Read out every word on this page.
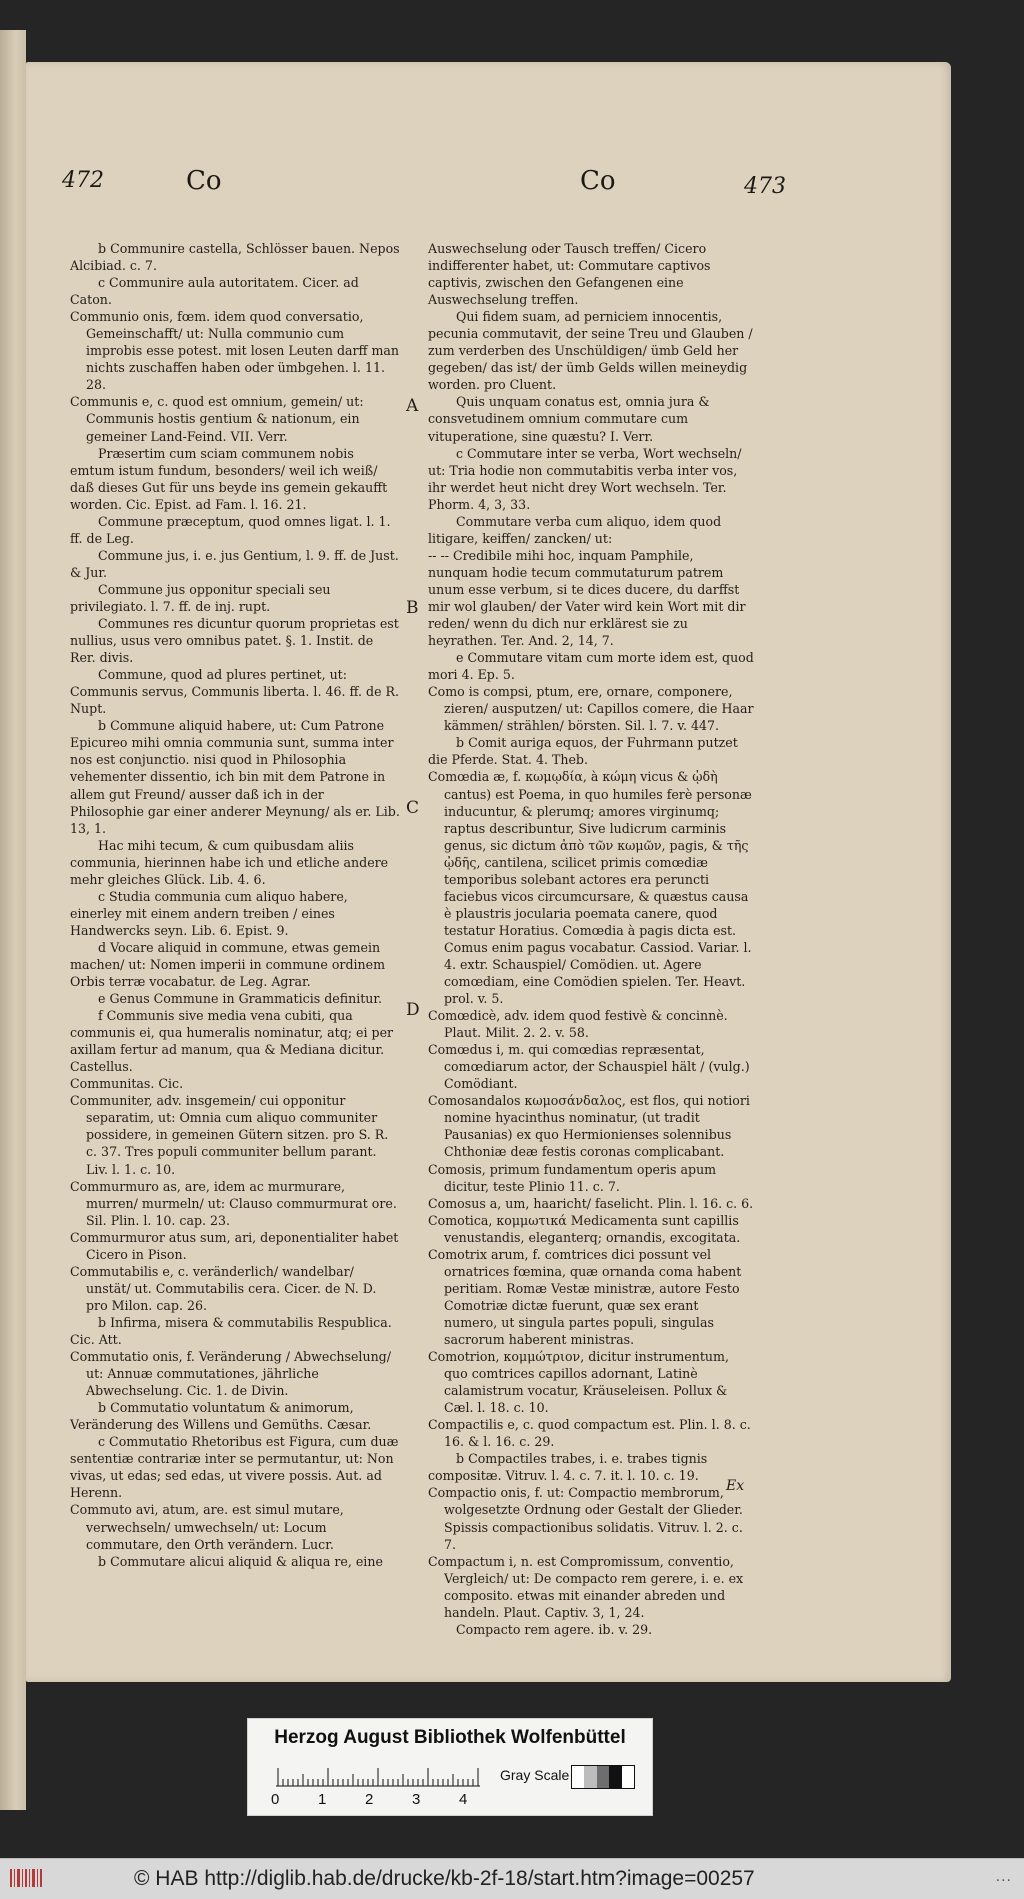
472	Co	Co	473
A
B
C
D
Ex

b Communire castella, Schlösser bauen. Nepos Alcibiad. c. 7.

c Communire aula autoritatem. Cicer. ad Caton.

Communio onis, fœm. idem quod conversatio, Gemeinschafft/ ut: Nulla communio cum improbis esse potest. mit losen Leuten darff man nichts zuschaffen haben oder ümbgehen. l. 11. 28.

Communis e, c. quod est omnium, gemein/ ut: Communis hostis gentium & nationum, ein gemeiner Land-Feind. VII. Verr.

Præsertim cum sciam communem nobis emtum istum fundum, besonders/ weil ich weiß/ daß dieses Gut für uns beyde ins gemein gekaufft worden. Cic. Epist. ad Fam. l. 16. 21.

Commune præceptum, quod omnes ligat. l. 1. ff. de Leg.

Commune jus, i. e. jus Gentium, l. 9. ff. de Just. & Jur.

Commune jus opponitur speciali seu privilegiato. l. 7. ff. de inj. rupt.

Communes res dicuntur quorum proprietas est nullius, usus vero omnibus patet. §. 1. Instit. de Rer. divis.

Commune, quod ad plures pertinet, ut: Communis servus, Communis liberta. l. 46. ff. de R. Nupt.

b Commune aliquid habere, ut: Cum Patrone Epicureo mihi omnia communia sunt, summa inter nos est conjunctio. nisi quod in Philosophia vehementer dissentio, ich bin mit dem Patrone in allem gut Freund/ ausser daß ich in der Philosophie gar einer anderer Meynung/ als er. Lib. 13, 1.

Hac mihi tecum, & cum quibusdam aliis communia, hierinnen habe ich und etliche andere mehr gleiches Glück. Lib. 4. 6.

c Studia communia cum aliquo habere, einerley mit einem andern treiben / eines Handwercks seyn. Lib. 6. Epist. 9.

d Vocare aliquid in commune, etwas gemein machen/ ut: Nomen imperii in commune ordinem Orbis terræ vocabatur. de Leg. Agrar.

e Genus Commune in Grammaticis definitur.

f Communis sive media vena cubiti, qua communis ei, qua humeralis nominatur, atq; ei per axillam fertur ad manum, qua & Mediana dicitur. Castellus.

Communitas. Cic.

Communiter, adv. insgemein/ cui opponitur separatim, ut: Omnia cum aliquo communiter possidere, in gemeinen Gütern sitzen. pro S. R. c. 37. Tres populi communiter bellum parant. Liv. l. 1. c. 10.

Commurmuro as, are, idem ac murmurare, murren/ murmeln/ ut: Clauso commurmurat ore. Sil. Plin. l. 10. cap. 23.

Commurmuror atus sum, ari, deponentialiter habet Cicero in Pison.

Commutabilis e, c. veränderlich/ wandelbar/ unstät/ ut. Commutabilis cera. Cicer. de N. D. pro Milon. cap. 26.

b Infirma, misera & commutabilis Respublica. Cic. Att.

Commutatio onis, f. Veränderung / Abwechselung/ ut: Annuæ commutationes, jährliche Abwechselung. Cic. 1. de Divin.

b Commutatio voluntatum & animorum, Veränderung des Willens und Gemüths. Cæsar.

c Commutatio Rhetoribus est Figura, cum duæ sententiæ contrariæ inter se permutantur, ut: Non vivas, ut edas; sed edas, ut vivere possis. Aut. ad Herenn.

Commuto avi, atum, are. est simul mutare, verwechseln/ umwechseln/ ut: Locum commutare, den Orth verändern. Lucr.

b Commutare alicui aliquid & aliqua re, eine

Auswechselung oder Tausch treffen/ Cicero indifferenter habet, ut: Commutare captivos captivis, zwischen den Gefangenen eine Auswechselung treffen.

Qui fidem suam, ad perniciem innocentis, pecunia commutavit, der seine Treu und Glauben / zum verderben des Unschüldigen/ ümb Geld her gegeben/ das ist/ der ümb Gelds willen meineydig worden. pro Cluent.

Quis unquam conatus est, omnia jura & consvetudinem omnium commutare cum vituperatione, sine quæstu? I. Verr.

c Commutare inter se verba, Wort wechseln/ ut: Tria hodie non commutabitis verba inter vos, ihr werdet heut nicht drey Wort wechseln. Ter. Phorm. 4, 3, 33.

Commutare verba cum aliquo, idem quod litigare, keiffen/ zancken/ ut:

-- -- Credibile mihi hoc, inquam Pamphile, nunquam hodie tecum commutaturum patrem unum esse verbum, si te dices ducere, du darffst mir wol glauben/ der Vater wird kein Wort mit dir reden/ wenn du dich nur erklärest sie zu heyrathen. Ter. And. 2, 14, 7.

e Commutare vitam cum morte idem est, quod mori 4. Ep. 5.

Como is compsi, ptum, ere, ornare, componere, zieren/ ausputzen/ ut: Capillos comere, die Haar kämmen/ strählen/ börsten. Sil. l. 7. v. 447.

b Comit auriga equos, der Fuhrmann putzet die Pferde. Stat. 4. Theb.

Comœdia æ, f. κωμῳδία, à κώμη vicus & ᾠδὴ cantus) est Poema, in quo humiles ferè personæ inducuntur, & plerumq; amores virginumq; raptus describuntur, Sive ludicrum carminis genus, sic dictum ἀπὸ τῶν κωμῶν, pagis, & τῆς ᾠδῆς, cantilena, scilicet primis comœdiæ temporibus solebant actores era peruncti faciebus vicos circumcursare, & quæstus causa è plaustris jocularia poemata canere, quod testatur Horatius. Comœdia à pagis dicta est. Comus enim pagus vocabatur. Cassiod. Variar. l. 4. extr. Schauspiel/ Comödien. ut. Agere comœdiam, eine Comödien spielen. Ter. Heavt. prol. v. 5.

Comœdicè, adv. idem quod festivè & concinnè. Plaut. Milit. 2. 2. v. 58.

Comœdus i, m. qui comœdias repræsentat, comœdiarum actor, der Schauspiel hält / (vulg.) Comödiant.

Comosandalos κωμοσάνδαλος, est flos, qui notiori nomine hyacinthus nominatur, (ut tradit Pausanias) ex quo Hermionienses solennibus Chthoniæ deæ festis coronas complicabant.

Comosis, primum fundamentum operis apum dicitur, teste Plinio 11. c. 7.

Comosus a, um, haaricht/ faselicht. Plin. l. 16. c. 6.

Comotica, κομμωτικά Medicamenta sunt capillis venustandis, eleganterq; ornandis, excogitata.

Comotrix arum, f. comtrices dici possunt vel ornatrices fœmina, quæ ornanda coma habent peritiam. Romæ Vestæ ministræ, autore Festo Comotriæ dictæ fuerunt, quæ sex erant numero, ut singula partes populi, singulas sacrorum haberent ministras.

Comotrion, κομμώτριον, dicitur instrumentum, quo comtrices capillos adornant, Latinè calamistrum vocatur, Kräuseleisen. Pollux & Cæl. l. 18. c. 10.

Compactilis e, c. quod compactum est. Plin. l. 8. c. 16. & l. 16. c. 29.

b Compactiles trabes, i. e. trabes tignis compositæ. Vitruv. l. 4. c. 7. it. l. 10. c. 19.

Compactio onis, f. ut: Compactio membrorum, wolgesetzte Ordnung oder Gestalt der Glieder. Spissis compactionibus solidatis. Vitruv. l. 2. c. 7.

Compactum i, n. est Compromissum, conventio, Vergleich/ ut: De compacto rem gerere, i. e. ex composito. etwas mit einander abreden und handeln. Plaut. Captiv. 3, 1, 24.

Compacto rem agere. ib. v. 29.

Herzog August Bibliothek Wolfenbüttel
0	1	2	3	4
Gray Scale
© HAB http://diglib.hab.de/drucke/kb-2f-18/start.htm?image=00257	...
